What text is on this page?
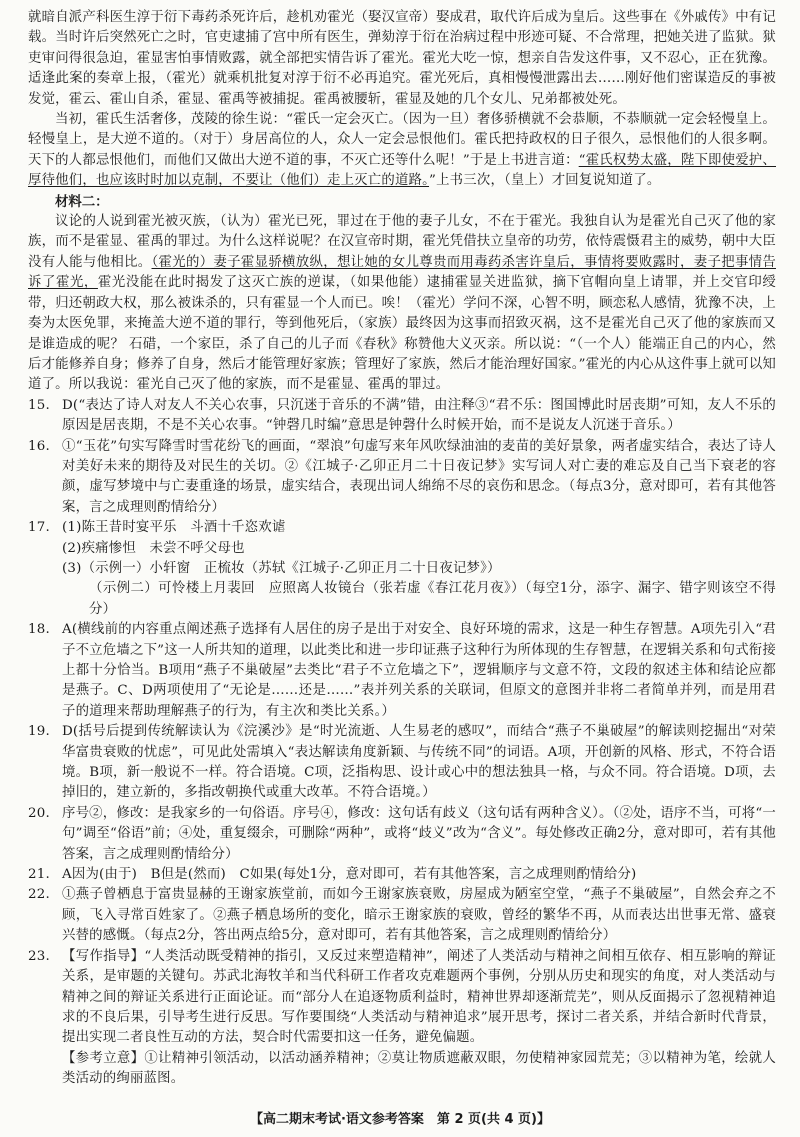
就暗自派产科医生淳于衍下毒药杀死许后，趁机劝霍光（娶汉宣帝）娶成君，取代许后成为皇后。这些事在《外戚传》中有记载。当时许后突然死亡之时，官吏逮捕了宫中所有医生，弹劾淳于衍在治病过程中形迹可疑、不合常理，把她关进了监狱。狱吏审问得很急迫，霍显害怕事情败露，就全部把实情告诉了霍光。霍光大吃一惊，想亲自告发这件事，又不忍心，正在犹豫。适逢此案的奏章上报，（霍光）就乘机批复对淳于衍不必再追究。霍光死后，真相慢慢泄露出去……刚好他们密谋造反的事被发觉，霍云、霍山自杀，霍显、霍禹等被捕捉。霍禹被腰斩，霍显及她的几个女儿、兄弟都被处死。

当初，霍氏生活奢侈，茂陵的徐生说：“霍氏一定会灭亡。（因为一旦）奢侈骄横就不会恭顺，不恭顺就一定会轻慢皇上。轻慢皇上，是大逆不道的。（对于）身居高位的人，众人一定会忌恨他们。霍氏把持政权的日子很久，忌恨他们的人很多啊。天下的人都忌恨他们，而他们又做出大逆不道的事，不灭亡还等什么呢！”于是上书进言道：“霍氏权势太盛，陛下即使爱护、厚待他们，也应该时时加以克制，不要让（他们）走上灭亡的道路。”上书三次，（皇上）才回复说知道了。

材料二：

议论的人说到霍光被灭族，（认为）霍光已死，罪过在于他的妻子儿女，不在于霍光。我独自认为是霍光自己灭了他的家族，而不是霍显、霍禹的罪过。为什么这样说呢？在汉宣帝时期，霍光凭借扶立皇帝的功劳，依恃震慑君主的威势，朝中大臣没有人能与他相比。（霍光的）妻子霍显骄横放纵，想让她的女儿尊贵而用毒药杀害许皇后，事情将要败露时，妻子把事情告诉了霍光，霍光没能在此时揭发了这灭亡族的逆谋，（如果他能）逮捕霍显关进监狱，摘下官帽向皇上请罪，并上交官印绶带，归还朝政大权，那么被诛杀的，只有霍显一个人而已。唉！（霍光）学问不深，心智不明，顾恋私人感情，犹豫不决，上奏为太医免罪，来掩盖大逆不道的罪行，等到他死后，（家族）最终因为这事而招致灭祸，这不是霍光自己灭了他的家族而又是谁造成的呢？ 石碏，一个家臣，杀了自己的儿子而《春秋》称赞他大义灭亲。所以说：“（一个人）能端正自己的内心，然后才能修养自身；修养了自身，然后才能管理好家族；管理好了家族，然后才能治理好国家。”霍光的内心从这件事上就可以知道了。所以我说：霍光自己灭了他的家族，而不是霍显、霍禹的罪过。

15. D(“表达了诗人对友人不关心农事，只沉迷于音乐的不满”错，由注释③“君不乐：图国博此时居丧期”可知，友人不乐的原因是居丧期，不是不关心农事。“钟磬几时编”意思是钟磬什么时候开始，而不是说友人沉迷于音乐。）
16. ①“玉花”句实写降雪时雪花纷飞的画面，“翠浪”句虚写来年风吹绿油油的麦苗的美好景象，两者虚实结合，表达了诗人对美好未来的期待及对民生的关切。②《江城子·乙卯正月二十日夜记梦》实写词人对亡妻的难忘及自己当下衰老的容颜，虚写梦境中与亡妻重逢的场景，虚实结合，表现出词人绵绵不尽的哀伤和思念。（每点3分，意对即可，若有其他答案，言之成理则酌情给分）
17. (1)陈王昔时宴平乐　斗酒十千恣欢谑

(2)疾痛惨怛　未尝不呼父母也

(3)（示例一）小轩窗　正梳妆（苏轼《江城子·乙卯正月二十日夜记梦》）

（示例二）可怜楼上月裴回　应照离人妆镜台（张若虚《春江花月夜》）（每空1分，添字、漏字、错字则该空不得分）

18. A(横线前的内容重点阐述燕子选择有人居住的房子是出于对安全、良好环境的需求，这是一种生存智慧。A项先引入“君子不立危墙之下”这一人所共知的道理，以此类比和进一步印证燕子这种行为所体现的生存智慧，在逻辑关系和句式衔接上都十分恰当。B项用“燕子不巢破屋”去类比“君子不立危墙之下”，逻辑顺序与文意不符，文段的叙述主体和结论应都是燕子。C、D两项使用了“无论是……还是……”表并列关系的关联词，但原文的意图并非将二者简单并列，而是用君子的道理来帮助理解燕子的行为，有主次和类比关系。）
19. D(括号后提到传统解读认为《浣溪沙》是“时光流逝、人生易老的感叹”，而结合“燕子不巢破屋”的解读则挖掘出“对荣华富贵衰败的忧虑”，可见此处需填入“表达解读角度新颖、与传统不同”的词语。A项，开创新的风格、形式，不符合语境。B项，新一般说不一样。符合语境。C项，泛指构思、设计或心中的想法独具一格，与众不同。符合语境。D项，去掉旧的，建立新的，多指改朝换代或重大改革。不符合语境。）
20. 序号②，修改：是我家乡的一句俗语。序号④，修改：这句话有歧义（这句话有两种含义）。（②处，语序不当，可将“一句”调至“俗语”前；④处，重复缀余，可删除“两种”，或将“歧义”改为“含义”。每处修改正确2分，意对即可，若有其他答案，言之成理则酌情给分）
21. A因为(由于)　B但是(然而)　C如果(每处1分，意对即可，若有其他答案，言之成理则酌情给分)
22. ①燕子曾栖息于富贵显赫的王谢家族堂前，而如今王谢家族衰败，房屋成为陋室空堂，“燕子不巢破屋”，自然会弃之不顾，飞入寻常百姓家了。②燕子栖息场所的变化，暗示王谢家族的衰败，曾经的繁华不再，从而表达出世事无常、盛衰兴替的感慨。（每点2分，答出两点给5分，意对即可，若有其他答案，言之成理则酌情给分）
23. 【写作指导】“人类活动既受精神的指引，又反过来塑造精神”，阐述了人类活动与精神之间相互依存、相互影响的辩证关系，是审题的关键句。苏武北海牧羊和当代科研工作者攻克难题两个事例，分别从历史和现实的角度，对人类活动与精神之间的辩证关系进行正面论证。而“部分人在追逐物质利益时，精神世界却逐渐荒芜”，则从反面揭示了忽视精神追求的不良后果，引导考生进行反思。写作要围绕“人类活动与精神追求”展开思考，探讨二者关系，并结合新时代背景，提出实现二者良性互动的方法，契合时代需要扣这一任务，避免偏题。

【参考立意】①让精神引领活动，以活动涵养精神；②莫让物质遮蔽双眼，勿使精神家园荒芜；③以精神为笔，绘就人类活动的绚丽蓝图。

【高二期末考试·语文参考答案　第 2 页(共 4 页)】
